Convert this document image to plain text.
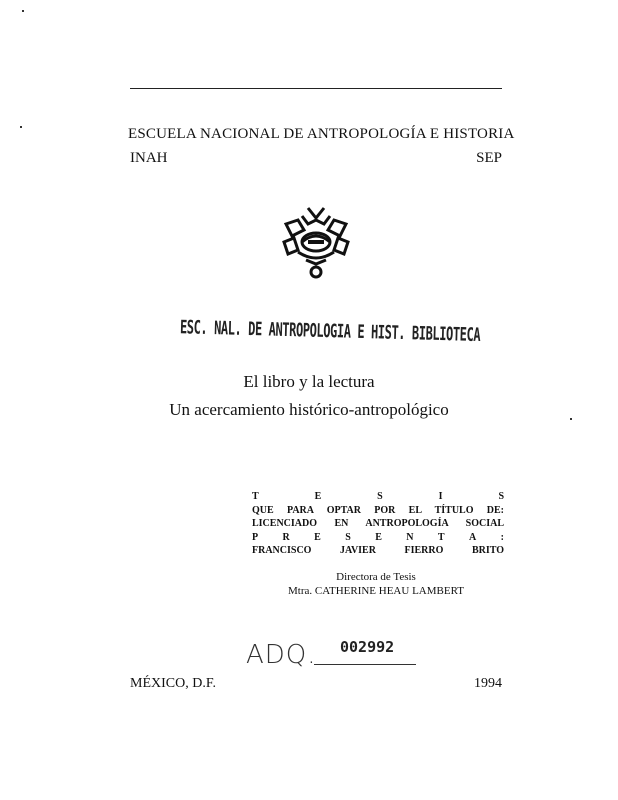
ESCUELA NACIONAL DE ANTROPOLOGÍA E HISTORIA
INAH	SEP
ESC. NAL. DE ANTROPOLOGIA E HIST. BIBLIOTECA
El libro y la lectura
Un acercamiento histórico-antropológico
T	E	S	I	S
QUE PARA OPTAR POR EL TÍTULO DE:
LICENCIADO EN ANTROPOLOGÍA SOCIAL
P R E S E N T A :
FRANCISCO JAVIER FIERRO BRITO
Directora de Tesis
Mtra. CATHERINE HEAU LAMBERT
ADQ. 002992
MÉXICO, D.F.	1994
